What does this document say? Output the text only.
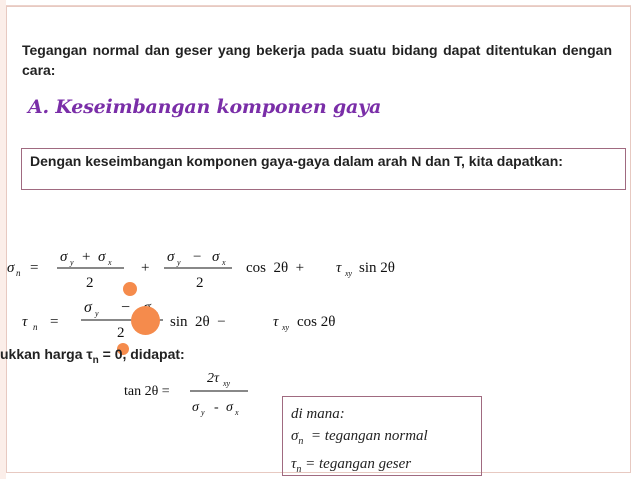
Tegangan normal dan geser yang bekerja pada suatu bidang dapat ditentukan dengan cara:
A. Keseimbangan komponen gaya
Dengan keseimbangan komponen gaya-gaya dalam arah N dan T, kita dapatkan:
σ n =
σ y + σ x
2
+
σ y − σ x
2
cos  2θ  + τ xy sin 2θ
τ n =
σ y −
2
sin  2θ  −	τ xy cos 2θ
ukkan harga $\tau_n = 0$, didapat:
tan 2θ =
2τ xy
σ y - σ x	di mana:
$\sigma_n$  = tegangan normal
$\tau_n$ = tegangan geser
